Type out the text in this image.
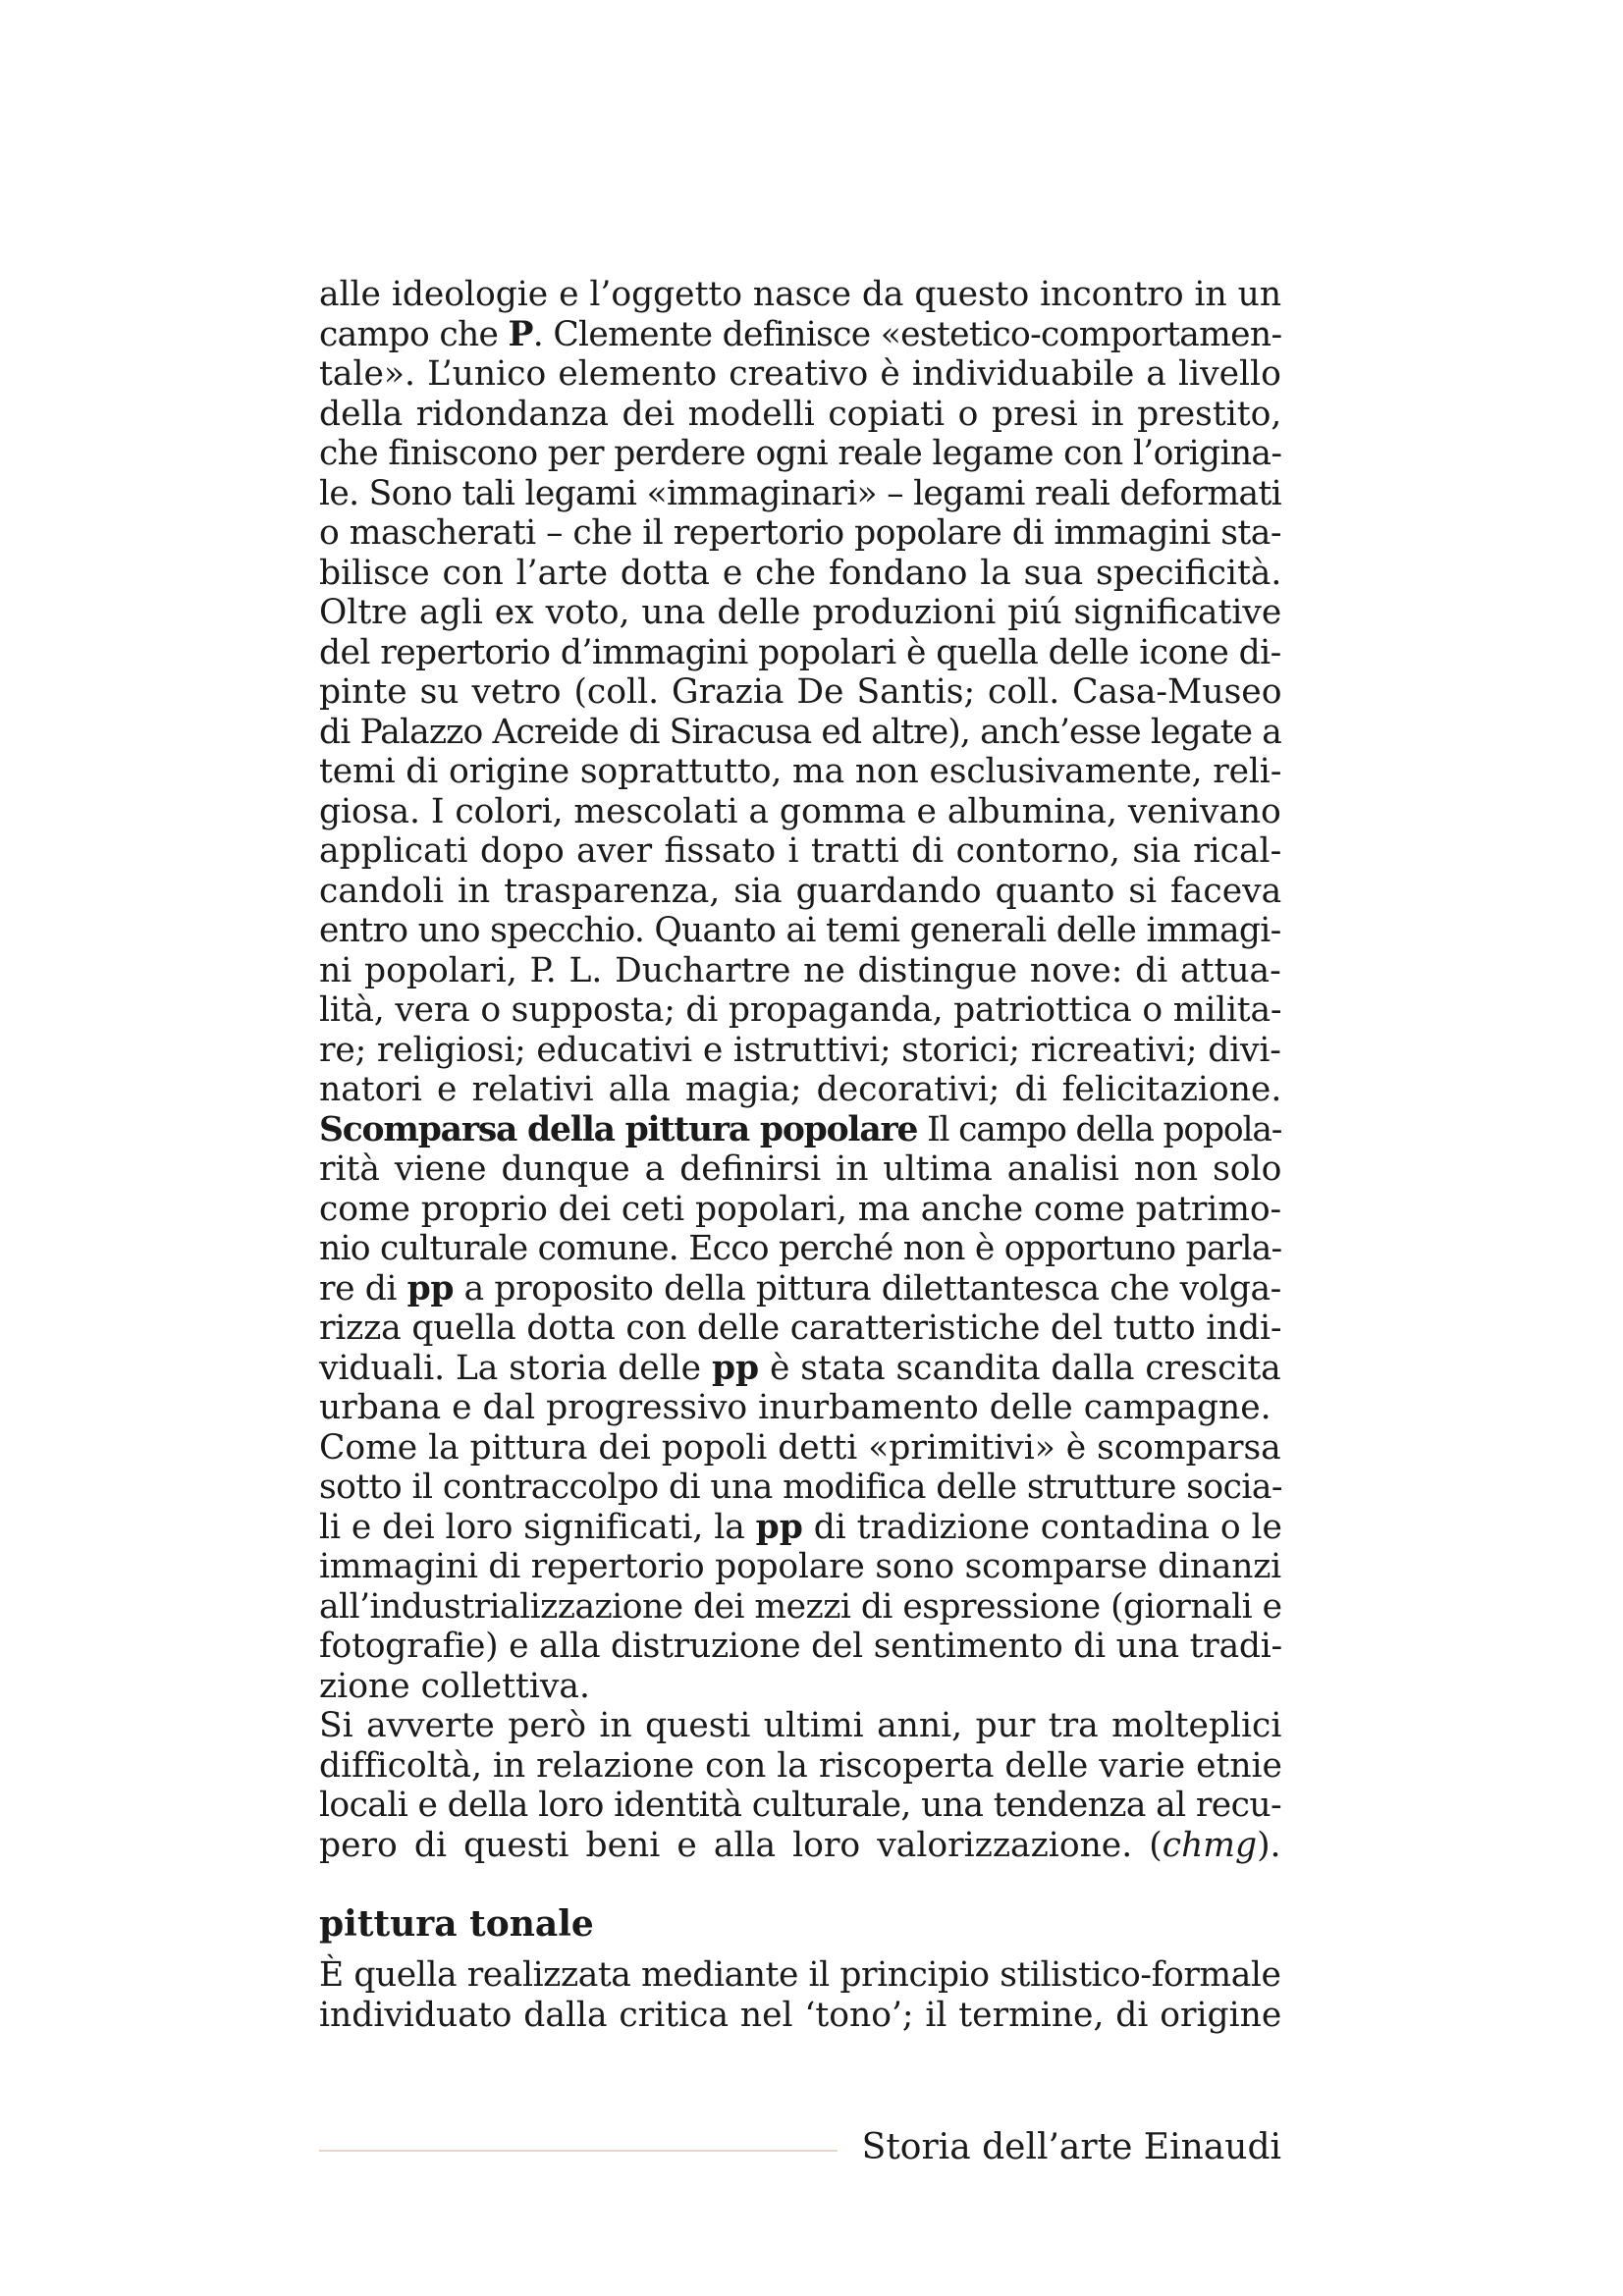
alle ideologie e l’oggetto nasce da questo incontro in un
campo che P. Clemente definisce «estetico-comportamen-
tale». L’unico elemento creativo è individuabile a livello
della ridondanza dei modelli copiati o presi in prestito,
che finiscono per perdere ogni reale legame con l’origina-
le. Sono tali legami «immaginari» – legami reali deformati
o mascherati – che il repertorio popolare di immagini sta-
bilisce con l’arte dotta e che fondano la sua specificità.
Oltre agli ex voto, una delle produzioni piú significative
del repertorio d’immagini popolari è quella delle icone di-
pinte su vetro (coll. Grazia De Santis; coll. Casa-Museo
di Palazzo Acreide di Siracusa ed altre), anch’esse legate a
temi di origine soprattutto, ma non esclusivamente, reli-
giosa. I colori, mescolati a gomma e albumina, venivano
applicati dopo aver fissato i tratti di contorno, sia rical-
candoli in trasparenza, sia guardando quanto si faceva
entro uno specchio. Quanto ai temi generali delle immagi-
ni popolari, P. L. Duchartre ne distingue nove: di attua-
lità, vera o supposta; di propaganda, patriottica o milita-
re; religiosi; educativi e istruttivi; storici; ricreativi; divi-
natori e relativi alla magia; decorativi; di felicitazione.
Scomparsa della pittura popolare Il campo della popola-
rità viene dunque a definirsi in ultima analisi non solo
come proprio dei ceti popolari, ma anche come patrimo-
nio culturale comune. Ecco perché non è opportuno parla-
re di pp a proposito della pittura dilettantesca che volga-
rizza quella dotta con delle caratteristiche del tutto indi-
viduali. La storia delle pp è stata scandita dalla crescita
urbana e dal progressivo inurbamento delle campagne.
Come la pittura dei popoli detti «primitivi» è scomparsa
sotto il contraccolpo di una modifica delle strutture socia-
li e dei loro significati, la pp di tradizione contadina o le
immagini di repertorio popolare sono scomparse dinanzi
all’industrializzazione dei mezzi di espressione (giornali e
fotografie) e alla distruzione del sentimento di una tradi-
zione collettiva.
Si avverte però in questi ultimi anni, pur tra molteplici
difficoltà, in relazione con la riscoperta delle varie etnie
locali e della loro identità culturale, una tendenza al recu-
pero di questi beni e alla loro valorizzazione. (chmg).
pittura tonale
È quella realizzata mediante il principio stilistico-formale
individuato dalla critica nel ‘tono’; il termine, di origine
Storia dell’arte Einaudi
